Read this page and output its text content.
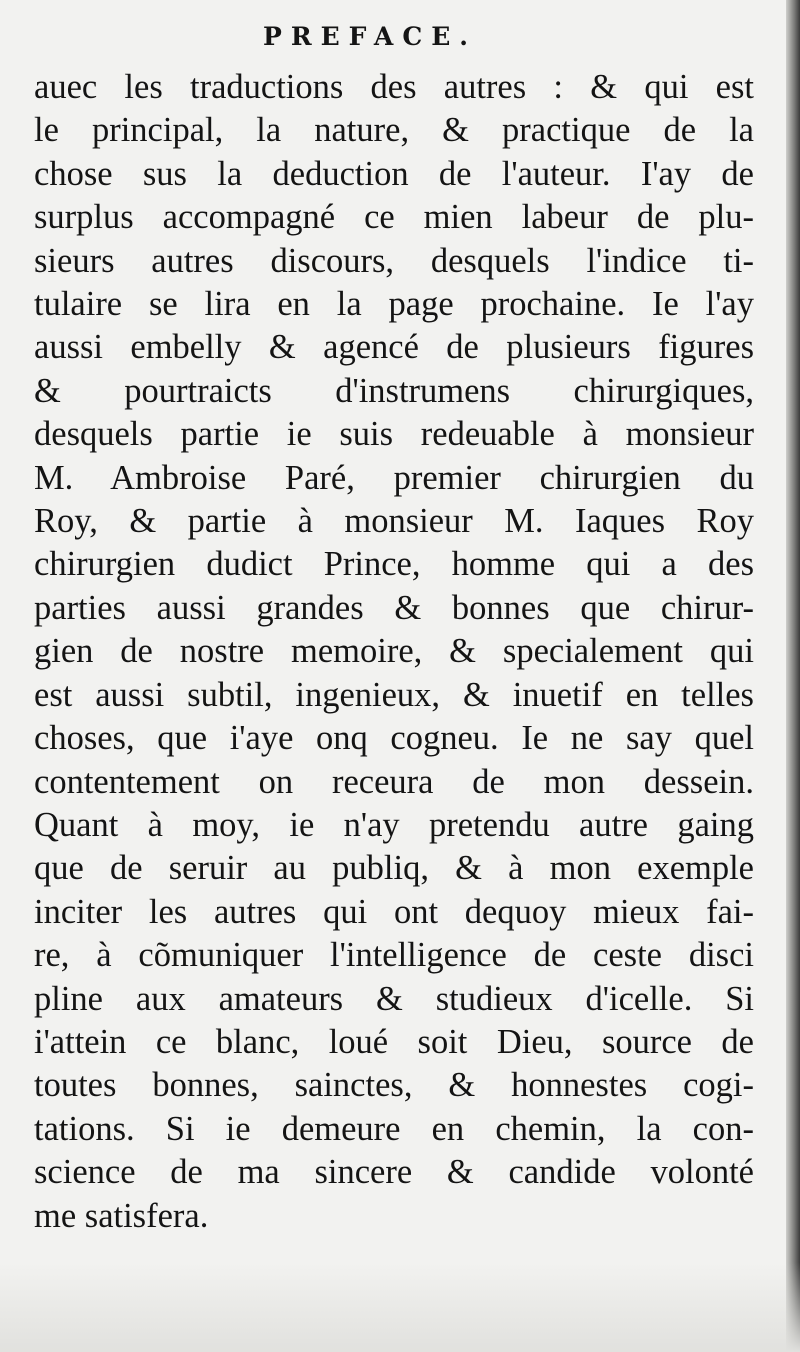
PREFACE.
auec les traductions des autres : & qui est
le principal, la nature, & practique de la
chose sus la deduction de l'auteur. I'ay de
surplus accompagné ce mien labeur de plu-
sieurs autres discours, desquels l'indice ti-
tulaire se lira en la page prochaine. Ie l'ay
aussi embelly & agencé de plusieurs figures
& pourtraicts d'instrumens chirurgiques,
desquels partie ie suis redeuable à monsieur
M. Ambroise Paré, premier chirurgien du
Roy, & partie à monsieur M. Iaques Roy
chirurgien dudict Prince, homme qui a des
parties aussi grandes & bonnes que chirur-
gien de nostre memoire, & specialement qui
est aussi subtil, ingenieux, & inuetif en telles
choses, que i'aye onq cogneu. Ie ne say quel
contentement on receura de mon dessein.
Quant à moy, ie n'ay pretendu autre gaing
que de seruir au publiq, & à mon exemple
inciter les autres qui ont dequoy mieux fai-
re, à cõmuniquer l'intelligence de ceste disci
pline aux amateurs & studieux d'icelle. Si
i'attein ce blanc, loué soit Dieu, source de
toutes bonnes, sainctes, & honnestes cogi-
tations. Si ie demeure en chemin, la con-
science de ma sincere & candide volonté
me satisfera.
